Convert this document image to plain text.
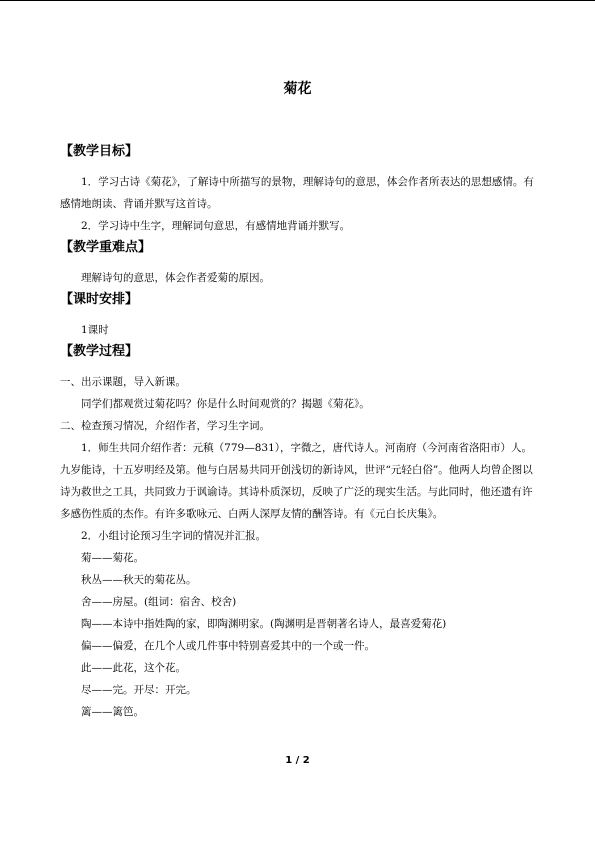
菊花
【教学目标】
1．学习古诗《菊花》，了解诗中所描写的景物，理解诗句的意思，体会作者所表达的思想感情。有感情地朗读、背诵并默写这首诗。
2．学习诗中生字，理解词句意思，有感情地背诵并默写。
【教学重难点】
理解诗句的意思，体会作者爱菊的原因。
【课时安排】
1课时
【教学过程】
一、出示课题，导入新课。
同学们都观赏过菊花吗？你是什么时间观赏的？揭题《菊花》。
二、检查预习情况，介绍作者，学习生字词。
1．师生共同介绍作者：元稹（779—831），字微之，唐代诗人。河南府（今河南省洛阳市）人。九岁能诗，十五岁明经及第。他与白居易共同开创浅切的新诗风，世评“元轻白俗”。他两人均曾企图以诗为救世之工具，共同致力于讽谕诗。其诗朴质深切，反映了广泛的现实生活。与此同时，他还遗有许多感伤性质的杰作。有许多歌咏元、白两人深厚友情的酬答诗。有《元白长庆集》。
2．小组讨论预习生字词的情况并汇报。
菊——菊花。
秋丛——秋天的菊花丛。
舍——房屋。(组词：宿舍、校舍)
陶——本诗中指姓陶的家，即陶渊明家。(陶渊明是晋朝著名诗人，最喜爱菊花)
偏——偏爱，在几个人或几件事中特别喜爱其中的一个或一件。
此——此花，这个花。
尽——完。开尽：开完。
篱——篱笆。
1 / 2
